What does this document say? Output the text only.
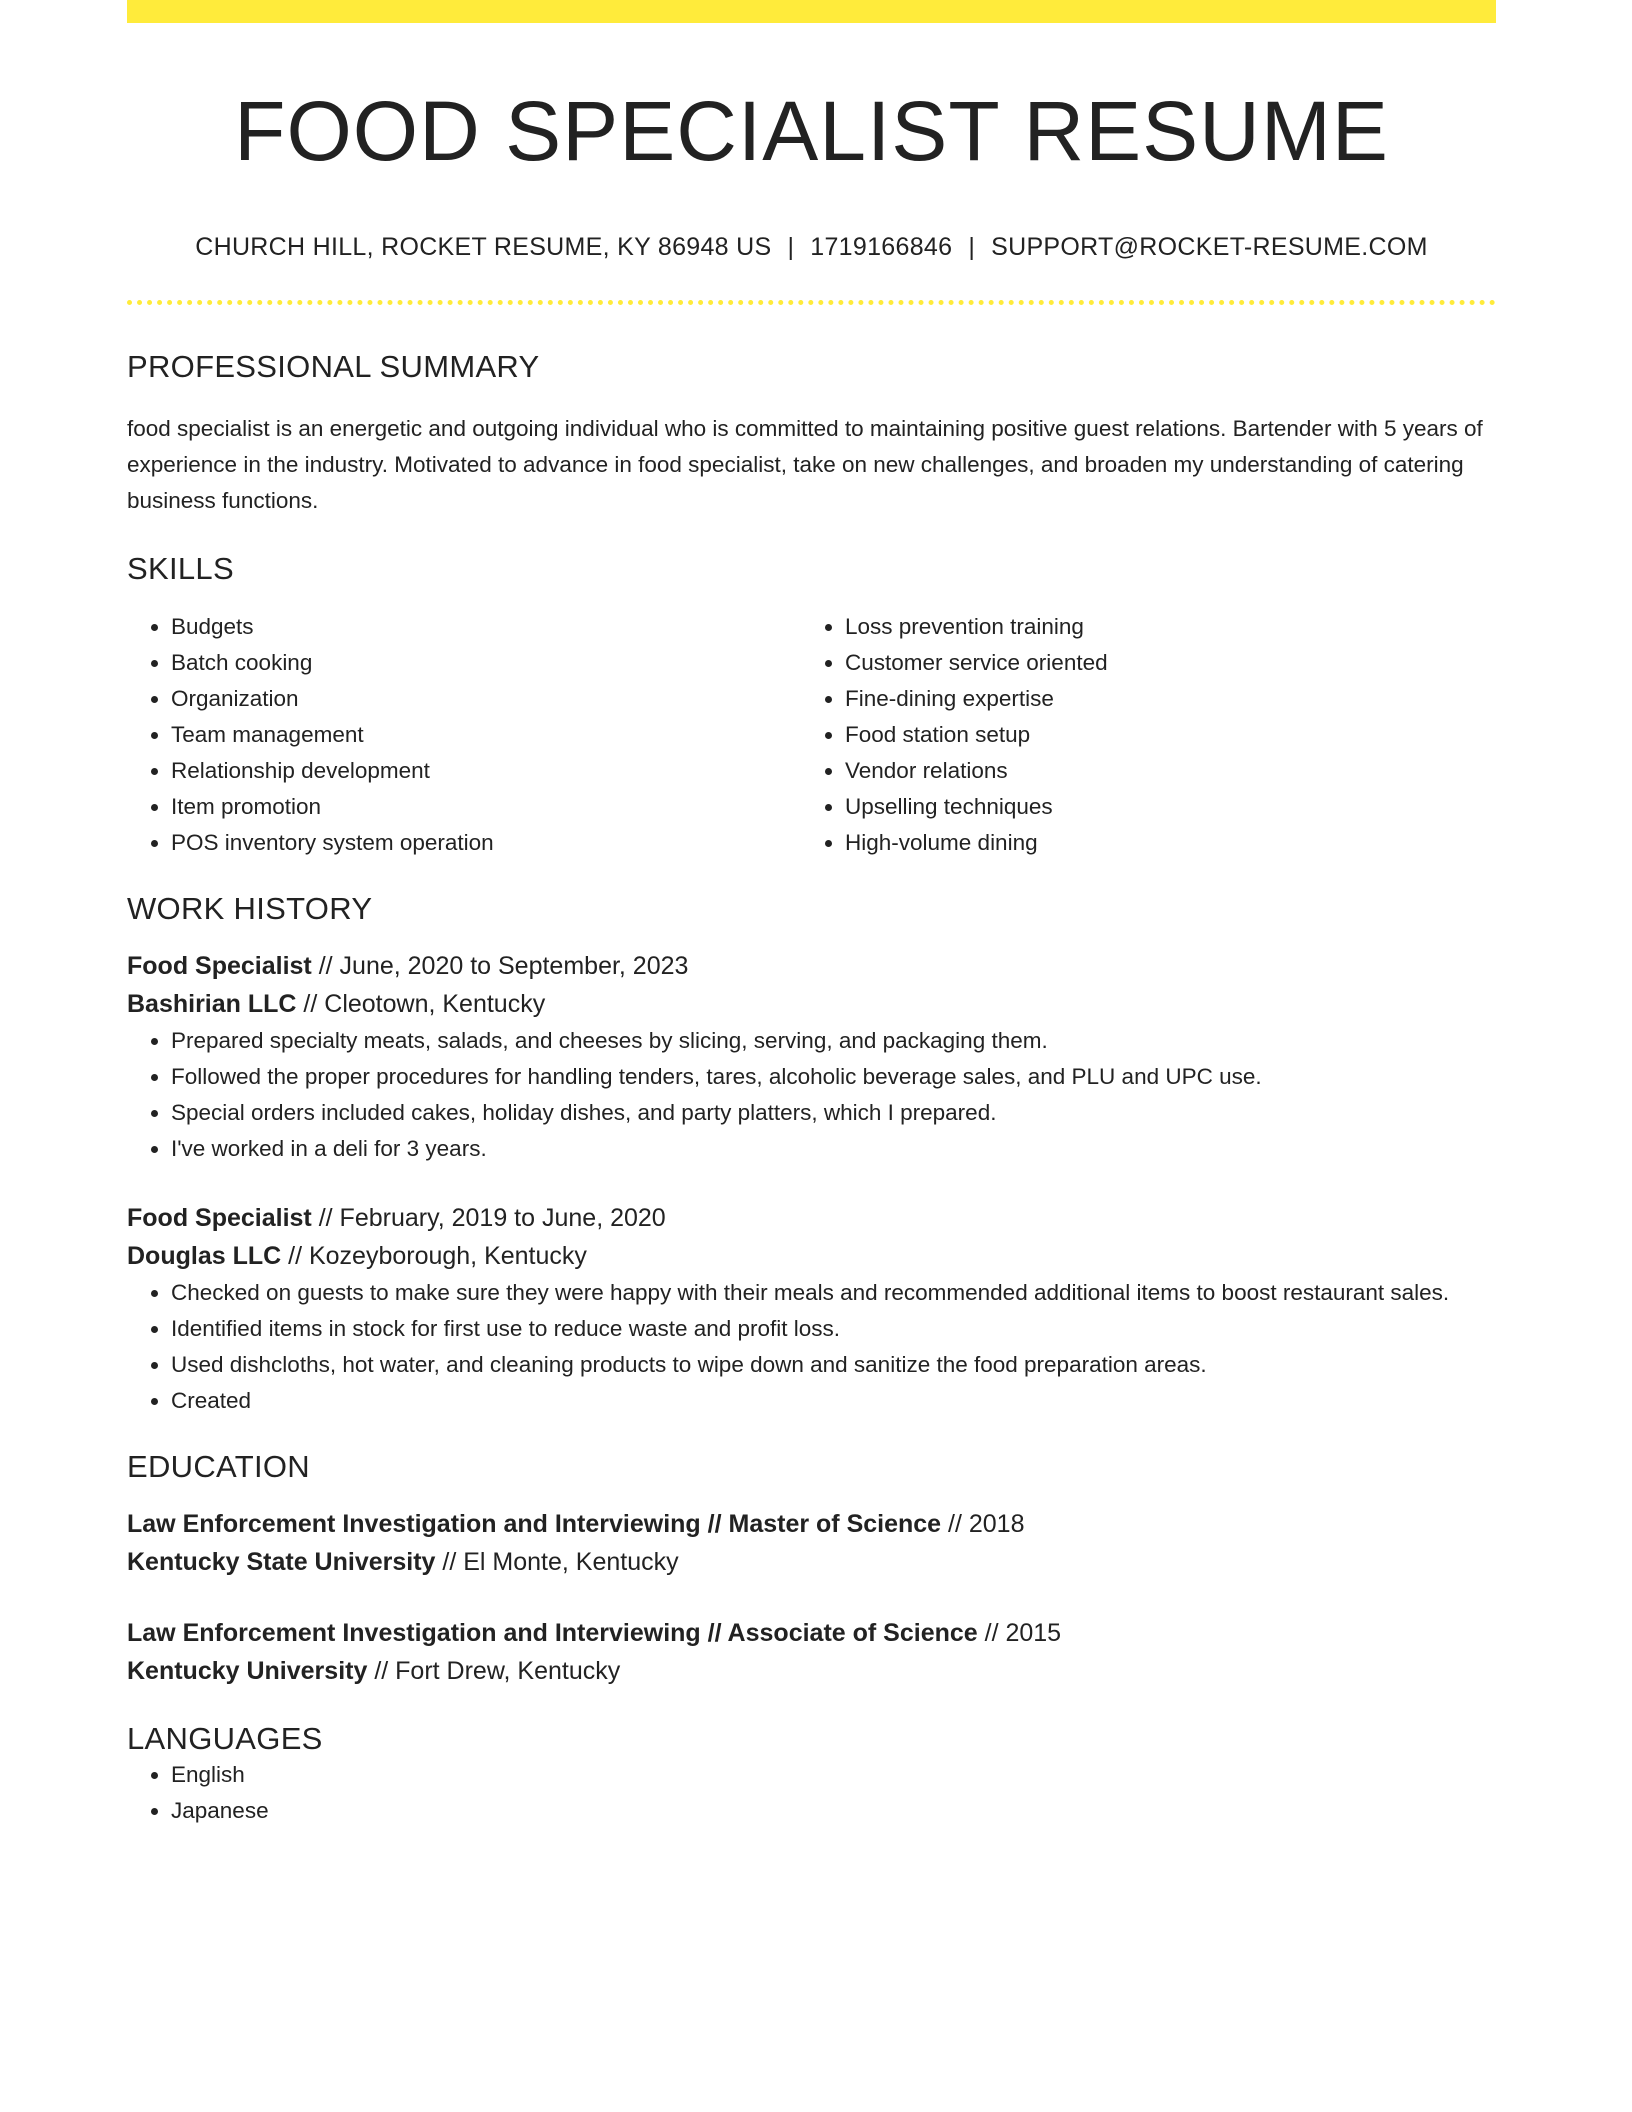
FOOD SPECIALIST RESUME
CHURCH HILL, ROCKET RESUME, KY 86948 US | 1719166846 | SUPPORT@ROCKET-RESUME.COM
PROFESSIONAL SUMMARY
food specialist is an energetic and outgoing individual who is committed to maintaining positive guest relations. Bartender with 5 years of experience in the industry. Motivated to advance in food specialist, take on new challenges, and broaden my understanding of catering business functions.
SKILLS
• Budgets
• Batch cooking
• Organization
• Team management
• Relationship development
• Item promotion
• POS inventory system operation
• Loss prevention training
• Customer service oriented
• Fine-dining expertise
• Food station setup
• Vendor relations
• Upselling techniques
• High-volume dining
WORK HISTORY
Food Specialist // June, 2020 to September, 2023
Bashirian LLC // Cleotown, Kentucky
• Prepared specialty meats, salads, and cheeses by slicing, serving, and packaging them.
• Followed the proper procedures for handling tenders, tares, alcoholic beverage sales, and PLU and UPC use.
• Special orders included cakes, holiday dishes, and party platters, which I prepared.
• I've worked in a deli for 3 years.
Food Specialist // February, 2019 to June, 2020
Douglas LLC // Kozeyborough, Kentucky
• Checked on guests to make sure they were happy with their meals and recommended additional items to boost restaurant sales.
• Identified items in stock for first use to reduce waste and profit loss.
• Used dishcloths, hot water, and cleaning products to wipe down and sanitize the food preparation areas.
• Created
EDUCATION
Law Enforcement Investigation and Interviewing // Master of Science // 2018
Kentucky State University // El Monte, Kentucky
Law Enforcement Investigation and Interviewing // Associate of Science // 2015
Kentucky University // Fort Drew, Kentucky
LANGUAGES
• English
• Japanese
